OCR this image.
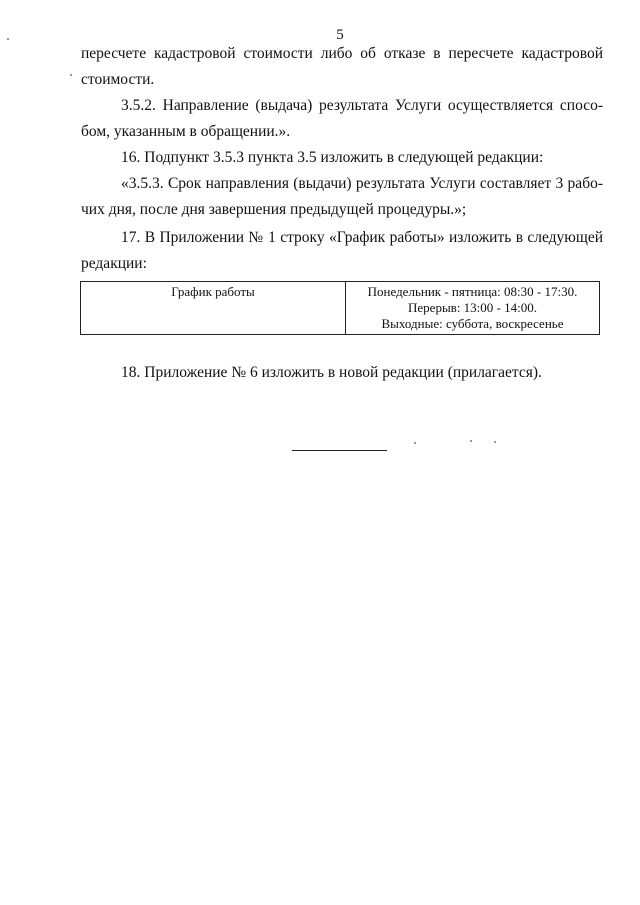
5
пересчете кадастровой стоимости либо об отказе в пересчете кадастровой
стоимости.
3.5.2. Направление (выдача) результата Услуги осуществляется спосо-
бом, указанным в обращении.».
16. Подпункт 3.5.3 пункта 3.5 изложить в следующей редакции:
«3.5.3. Срок направления (выдачи) результата Услуги составляет 3 рабо-
чих дня, после дня завершения предыдущей процедуры.»;
17. В Приложении № 1 строку «График работы» изложить в следующей
редакции:
График работы	Понедельник - пятница: 08:30 - 17:30.
Перерыв: 13:00 - 14:00.
Выходные: суббота, воскресенье
18. Приложение № 6 изложить в новой редакции (прилагается).
